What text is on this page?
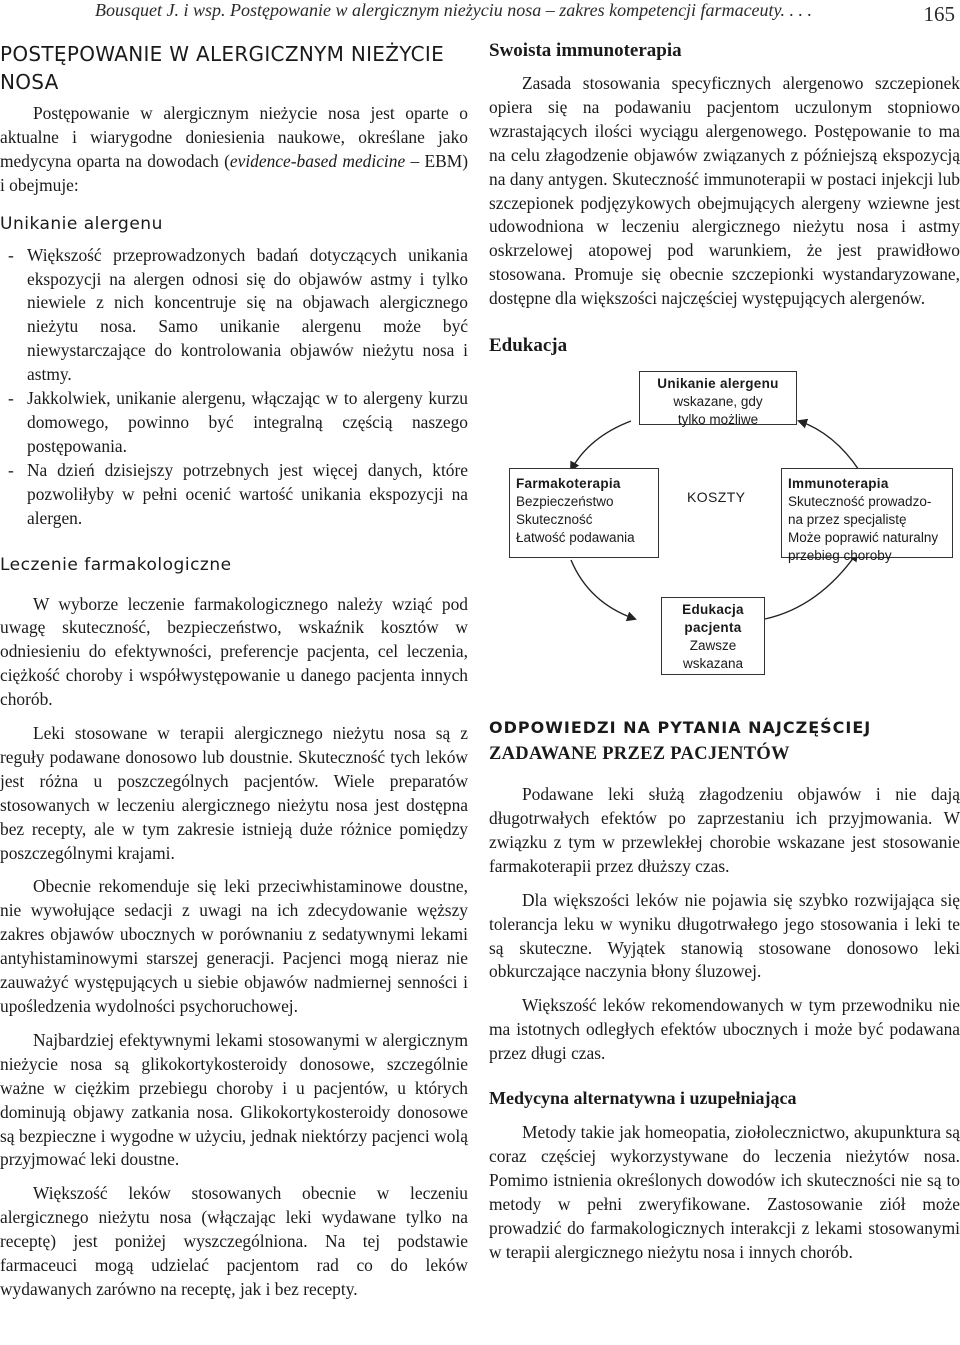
Bousquet J. i wsp. Postępowanie w alergicznym nieżyciu nosa – zakres kompetencji farmaceuty. . . .	165
POSTĘPOWANIE W ALERGICZNYM NIEŻYCIE NOSA

Postępowanie w alergicznym nieżycie nosa jest oparte o aktualne i wiarygodne doniesienia naukowe, określane jako medycyna oparta na dowodach (evidence-based medicine – EBM) i obejmuje:

Unikanie alergenu
- Większość przeprowadzonych badań dotyczących unikania ekspozycji na alergen odnosi się do objawów astmy i tylko niewiele z nich koncentruje się na objawach alergicznego nieżytu nosa. Samo unikanie alergenu może być niewystarczające do kontrolowania objawów nieżytu nosa i astmy.
- Jakkolwiek, unikanie alergenu, włączając w to alergeny kurzu domowego, powinno być integralną częścią naszego postępowania.
- Na dzień dzisiejszy potrzebnych jest więcej danych, które pozwoliłyby w pełni ocenić wartość unikania ekspozycji na alergen.
Leczenie farmakologiczne

W wyborze leczenie farmakologicznego należy wziąć pod uwagę skuteczność, bezpieczeństwo, wskaźnik kosztów w odniesieniu do efektywności, preferencje pacjenta, cel leczenia, ciężkość choroby i współwystępowanie u danego pacjenta innych chorób.

Leki stosowane w terapii alergicznego nieżytu nosa są z reguły podawane donosowo lub doustnie. Skuteczność tych leków jest różna u poszczególnych pacjentów. Wiele preparatów stosowanych w leczeniu alergicznego nieżytu nosa jest dostępna bez recepty, ale w tym zakresie istnieją duże różnice pomiędzy poszczególnymi krajami.

Obecnie rekomenduje się leki przeciwhistaminowe doustne, nie wywołujące sedacji z uwagi na ich zdecydowanie węższy zakres objawów ubocznych w porównaniu z sedatywnymi lekami antyhistaminowymi starszej generacji. Pacjenci mogą nieraz nie zauważyć występujących u siebie objawów nadmiernej senności i upośledzenia wydolności psychoruchowej.

Najbardziej efektywnymi lekami stosowanymi w alergicznym nieżycie nosa są glikokortykosteroidy donosowe, szczególnie ważne w ciężkim przebiegu choroby i u pacjentów, u których dominują objawy zatkania nosa. Glikokortykosteroidy donosowe są bezpieczne i wygodne w użyciu, jednak niektórzy pacjenci wolą przyjmować leki doustne.

Większość leków stosowanych obecnie w leczeniu alergicznego nieżytu nosa (włączając leki wydawane tylko na receptę) jest poniżej wyszczególniona. Na tej podstawie farmaceuci mogą udzielać pacjentom rad co do leków wydawanych zarówno na receptę, jak i bez recepty.

Swoista immunoterapia

Zasada stosowania specyficznych alergenowo szczepionek opiera się na podawaniu pacjentom uczulonym stopniowo wzrastających ilości wyciągu alergenowego. Postępowanie to ma na celu złagodzenie objawów związanych z późniejszą ekspozycją na dany antygen. Skuteczność immunoterapii w postaci injekcji lub szczepionek podjęzykowych obejmujących alergeny wziewne jest udowodniona w leczeniu alergicznego nieżytu nosa i astmy oskrzelowej atopowej pod warunkiem, że jest prawidłowo stosowana. Promuje się obecnie szczepionki wystandaryzowane, dostępne dla większości najczęściej występujących alergenów.

Edukacja
Unikanie alergenu
wskazane, gdy
tylko możliwe
Farmakoterapia
Bezpieczeństwo
Skuteczność
Łatwość podawania
KOSZTY
Immunoterapia
Skuteczność prowadzo-
na przez specjalistę
Może poprawić naturalny
przebieg choroby
Edukacja
pacjenta
Zawsze
wskazana
ODPOWIEDZI NA PYTANIA NAJCZĘŚCIEJ
ZADAWANE PRZEZ PACJENTÓW

Podawane leki służą złagodzeniu objawów i nie dają długotrwałych efektów po zaprzestaniu ich przyjmowania. W związku z tym w przewlekłej chorobie wskazane jest stosowanie farmakoterapii przez dłuższy czas.

Dla większości leków nie pojawia się szybko rozwijająca się tolerancja leku w wyniku długotrwałego jego stosowania i leki te są skuteczne. Wyjątek stanowią stosowane donosowo leki obkurczające naczynia błony śluzowej.

Większość leków rekomendowanych w tym przewodniku nie ma istotnych odległych efektów ubocznych i może być podawana przez długi czas.

Medycyna alternatywna i uzupełniająca

Metody takie jak homeopatia, ziołolecznictwo, akupunktura są coraz częściej wykorzystywane do leczenia nieżytów nosa. Pomimo istnienia określonych dowodów ich skuteczności nie są to metody w pełni zweryfikowane. Zastosowanie ziół może prowadzić do farmakologicznych interakcji z lekami stosowanymi w terapii alergicznego nieżytu nosa i innych chorób.
